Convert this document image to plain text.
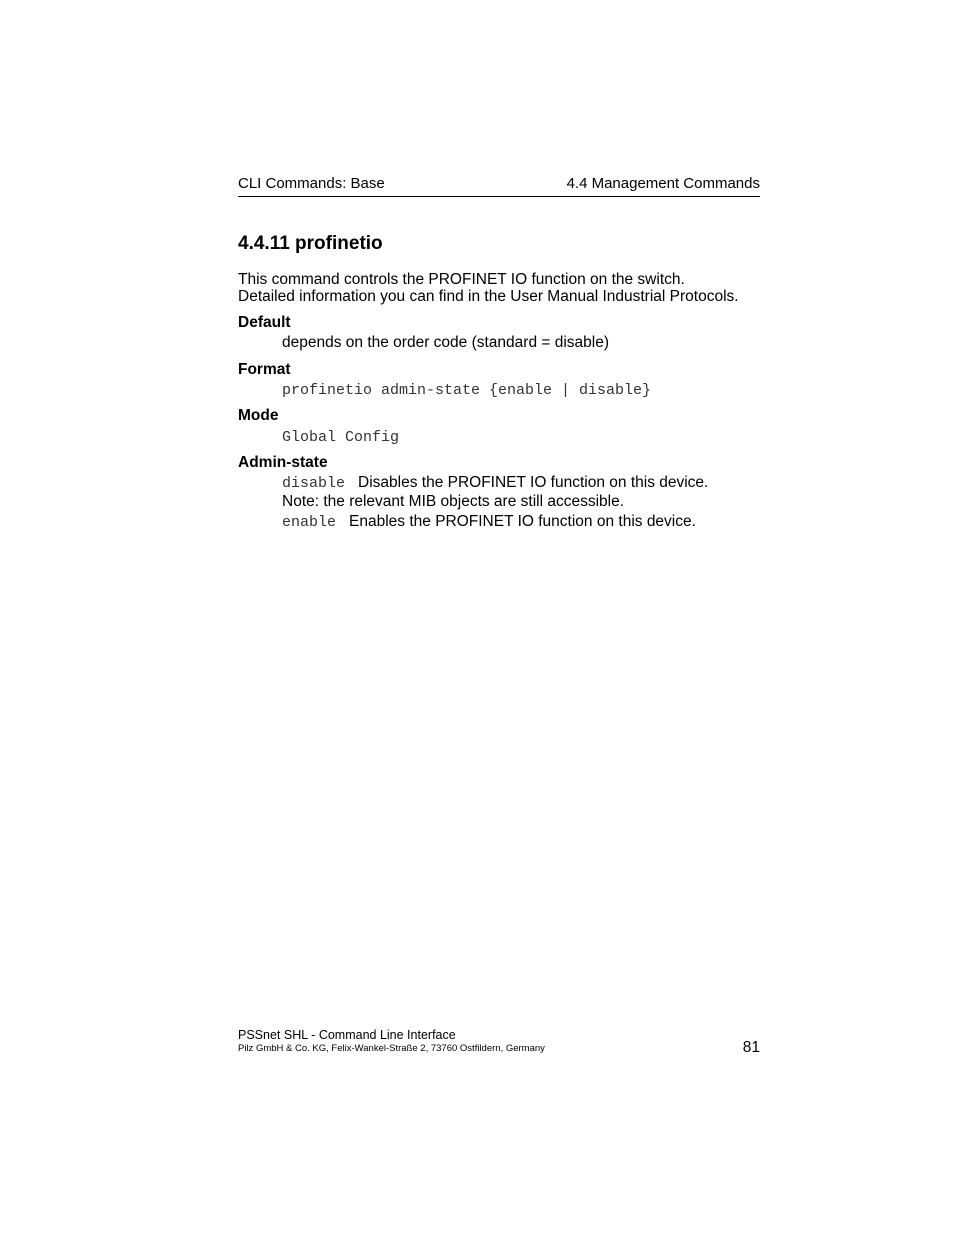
CLI Commands: Base	4.4 Management Commands
4.4.11 profinetio
This command controls the PROFINET IO function on the switch.
Detailed information you can find in the User Manual Industrial Protocols.
Default
depends on the order code (standard = disable)
Format
profinetio admin-state {enable | disable}
Mode
Global Config
Admin-state
disable Disables the PROFINET IO function on this device.
Note: the relevant MIB objects are still accessible.
enable Enables the PROFINET IO function on this device.
PSSnet SHL - Command Line Interface
Pilz GmbH & Co. KG, Felix-Wankel-Straße 2, 73760 Ostfildern, Germany	81
